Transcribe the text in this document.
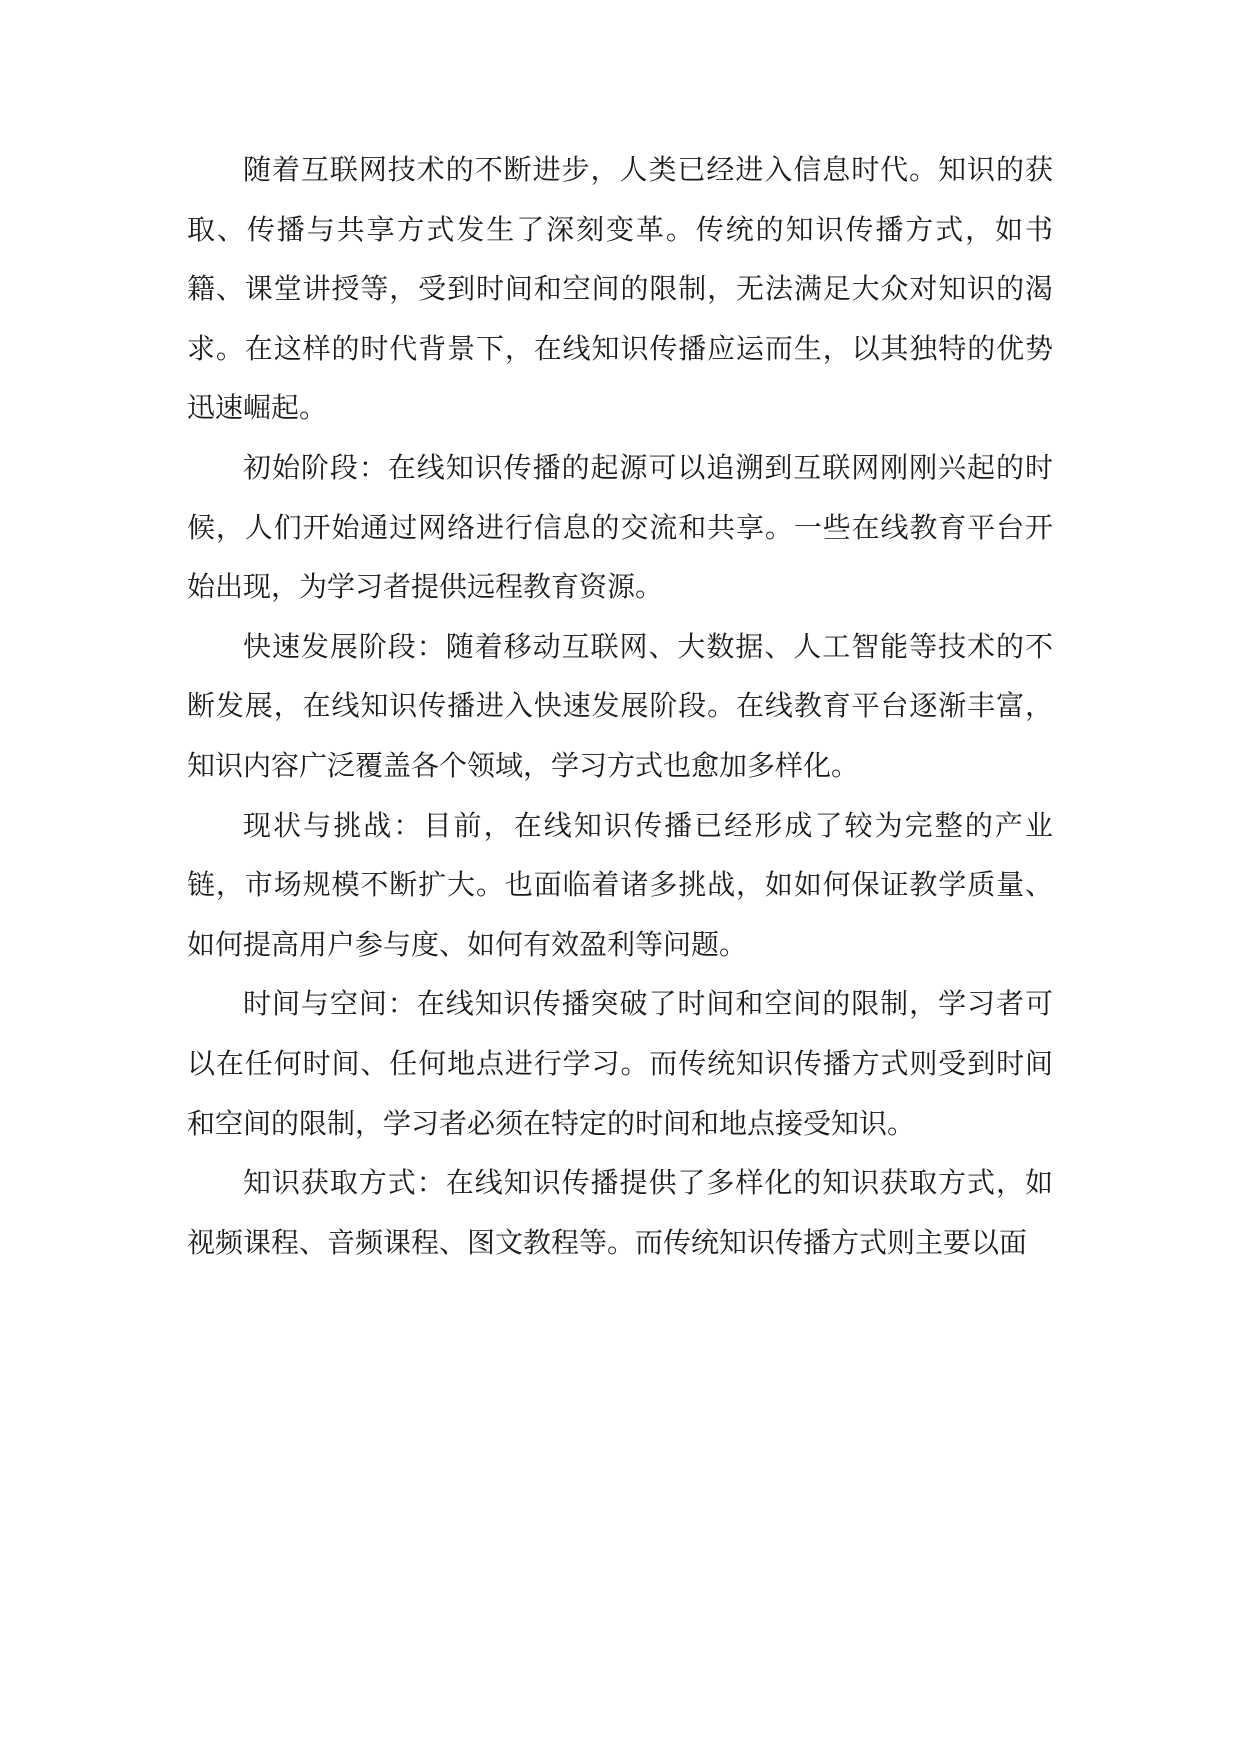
随着互联网技术的不断进步，人类已经进入信息时代。知识的获取、传播与共享方式发生了深刻变革。传统的知识传播方式，如书籍、课堂讲授等，受到时间和空间的限制，无法满足大众对知识的渴求。在这样的时代背景下，在线知识传播应运而生，以其独特的优势迅速崛起。

初始阶段：在线知识传播的起源可以追溯到互联网刚刚兴起的时候，人们开始通过网络进行信息的交流和共享。一些在线教育平台开始出现，为学习者提供远程教育资源。

快速发展阶段：随着移动互联网、大数据、人工智能等技术的不断发展，在线知识传播进入快速发展阶段。在线教育平台逐渐丰富，知识内容广泛覆盖各个领域，学习方式也愈加多样化。

现状与挑战：目前，在线知识传播已经形成了较为完整的产业链，市场规模不断扩大。也面临着诸多挑战，如如何保证教学质量、如何提高用户参与度、如何有效盈利等问题。

时间与空间：在线知识传播突破了时间和空间的限制，学习者可以在任何时间、任何地点进行学习。而传统知识传播方式则受到时间和空间的限制，学习者必须在特定的时间和地点接受知识。

知识获取方式：在线知识传播提供了多样化的知识获取方式，如视频课程、音频课程、图文教程等。而传统知识传播方式则主要以面
